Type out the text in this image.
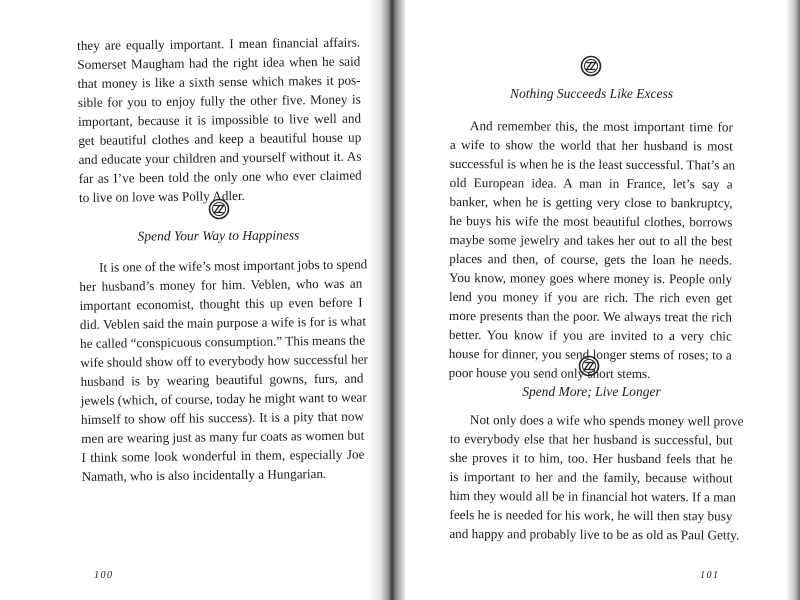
they are equally important. I mean financial affairs.
Somerset Maugham had the right idea when he said
that money is like a sixth sense which makes it pos-
sible for you to enjoy fully the other five. Money is
important, because it is impossible to live well and
get beautiful clothes and keep a beautiful house up
and educate your children and yourself without it. As
far as I’ve been told the only one who ever claimed
to live on love was Polly Adler.
Spend Your Way to Happiness
It is one of the wife’s most important jobs to spend
her husband’s money for him. Veblen, who was an
important economist, thought this up even before I
did. Veblen said the main purpose a wife is for is what
he called “conspicuous consumption.” This means the
wife should show off to everybody how successful her
husband is by wearing beautiful gowns, furs, and
jewels (which, of course, today he might want to wear
himself to show off his success). It is a pity that now
men are wearing just as many fur coats as women but
I think some look wonderful in them, especially Joe
Namath, who is also incidentally a Hungarian.
100
Nothing Succeeds Like Excess
And remember this, the most important time for
a wife to show the world that her husband is most
successful is when he is the least successful. That’s an
old European idea. A man in France, let’s say a
banker, when he is getting very close to bankruptcy,
he buys his wife the most beautiful clothes, borrows
maybe some jewelry and takes her out to all the best
places and then, of course, gets the loan he needs.
You know, money goes where money is. People only
lend you money if you are rich. The rich even get
more presents than the poor. We always treat the rich
better. You know if you are invited to a very chic
house for dinner, you send longer stems of roses; to a
poor house you send only short stems.
Spend More; Live Longer
Not only does a wife who spends money well prove
to everybody else that her husband is successful, but
she proves it to him, too. Her husband feels that he
is important to her and the family, because without
him they would all be in financial hot waters. If a man
feels he is needed for his work, he will then stay busy
and happy and probably live to be as old as Paul Getty.
101
